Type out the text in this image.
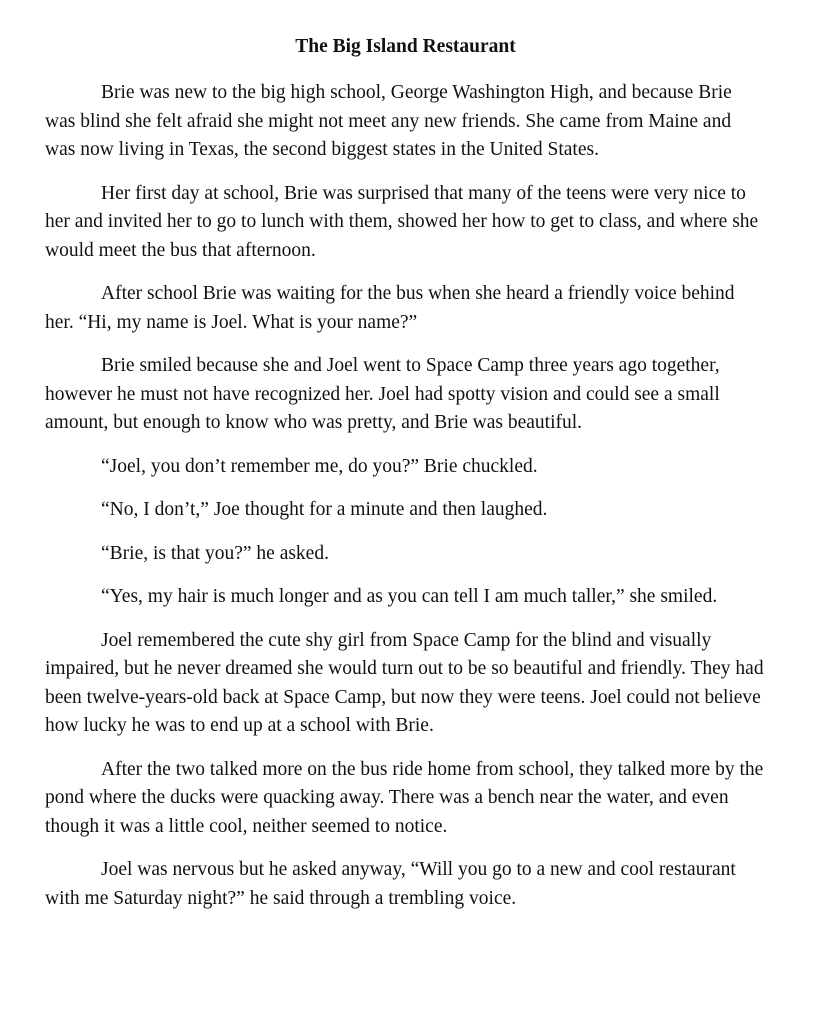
The Big Island Restaurant

Brie was new to the big high school, George Washington High, and because Brie was blind she felt afraid she might not meet any new friends. She came from Maine and was now living in Texas, the second biggest states in the United States.

Her first day at school, Brie was surprised that many of the teens were very nice to her and invited her to go to lunch with them, showed her how to get to class, and where she would meet the bus that afternoon.

After school Brie was waiting for the bus when she heard a friendly voice behind her. “Hi, my name is Joel. What is your name?”

Brie smiled because she and Joel went to Space Camp three years ago together, however he must not have recognized her. Joel had spotty vision and could see a small amount, but enough to know who was pretty, and Brie was beautiful.

“Joel, you don’t remember me, do you?” Brie chuckled.

“No, I don’t,” Joe thought for a minute and then laughed.

“Brie, is that you?” he asked.

“Yes, my hair is much longer and as you can tell I am much taller,” she smiled.

Joel remembered the cute shy girl from Space Camp for the blind and visually impaired, but he never dreamed she would turn out to be so beautiful and friendly. They had been twelve-years-old back at Space Camp, but now they were teens. Joel could not believe how lucky he was to end up at a school with Brie.

After the two talked more on the bus ride home from school, they talked more by the pond where the ducks were quacking away. There was a bench near the water, and even though it was a little cool, neither seemed to notice.

Joel was nervous but he asked anyway, “Will you go to a new and cool restaurant with me Saturday night?” he said through a trembling voice.
